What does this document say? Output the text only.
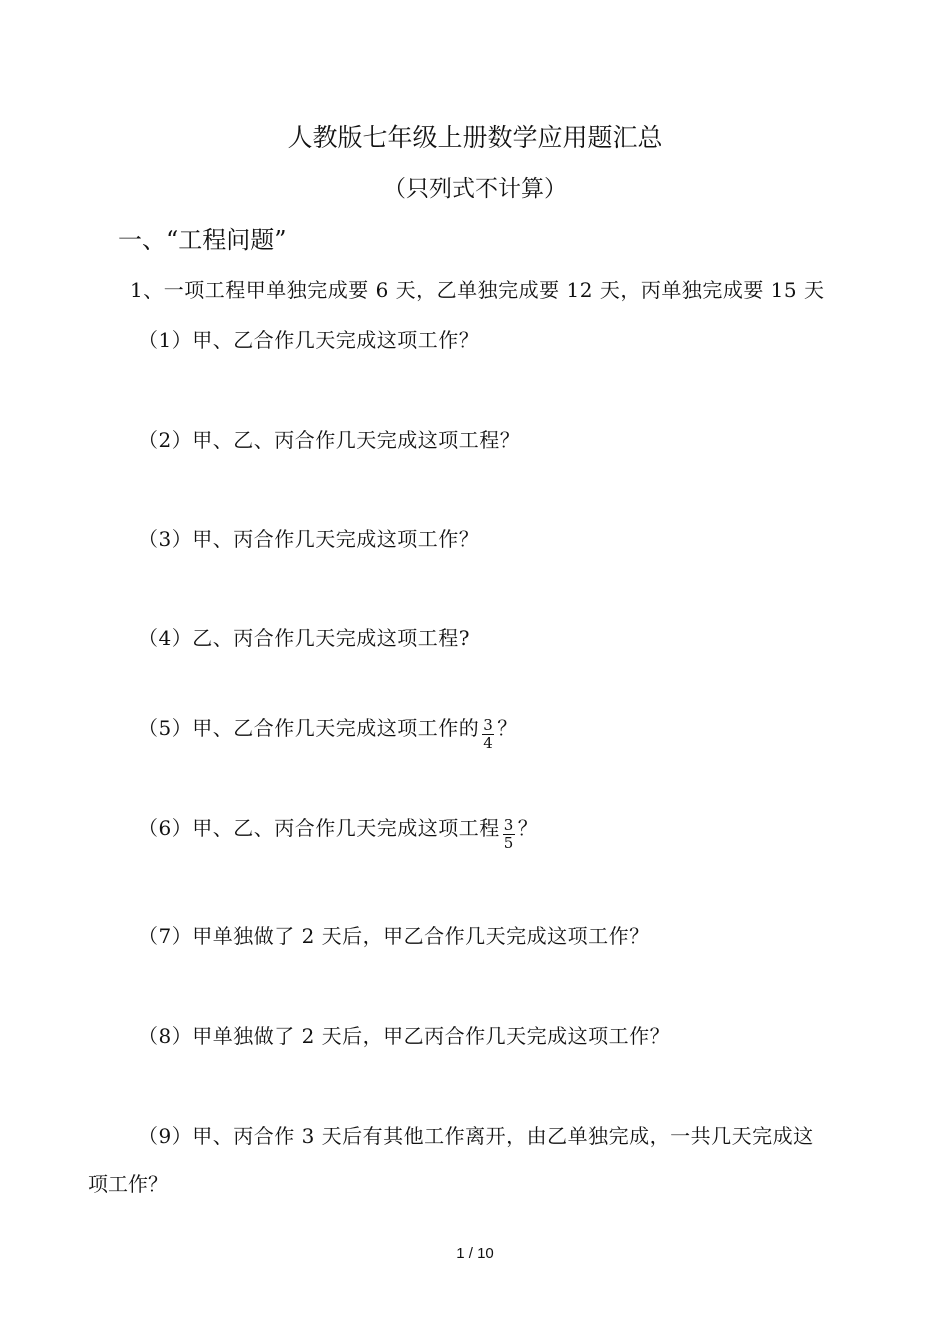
人教版七年级上册数学应用题汇总
（只列式不计算）
一、“工程问题”
1、一项工程甲单独完成要 6 天，乙单独完成要 12 天，丙单独完成要 15 天
（1）甲、乙合作几天完成这项工作？
（2）甲、乙、丙合作几天完成这项工程？
（3）甲、丙合作几天完成这项工作？
（4）乙、丙合作几天完成这项工程?
（5）甲、乙合作几天完成这项工作的 $\frac{3}{4}$ ？
（6）甲、乙、丙合作几天完成这项工程 $\frac{3}{5}$ ？
（7）甲单独做了 2 天后，甲乙合作几天完成这项工作？
（8）甲单独做了 2 天后，甲乙丙合作几天完成这项工作？
（9）甲、丙合作 3 天后有其他工作离开，由乙单独完成，一共几天完成这
项工作？
1 / 10
